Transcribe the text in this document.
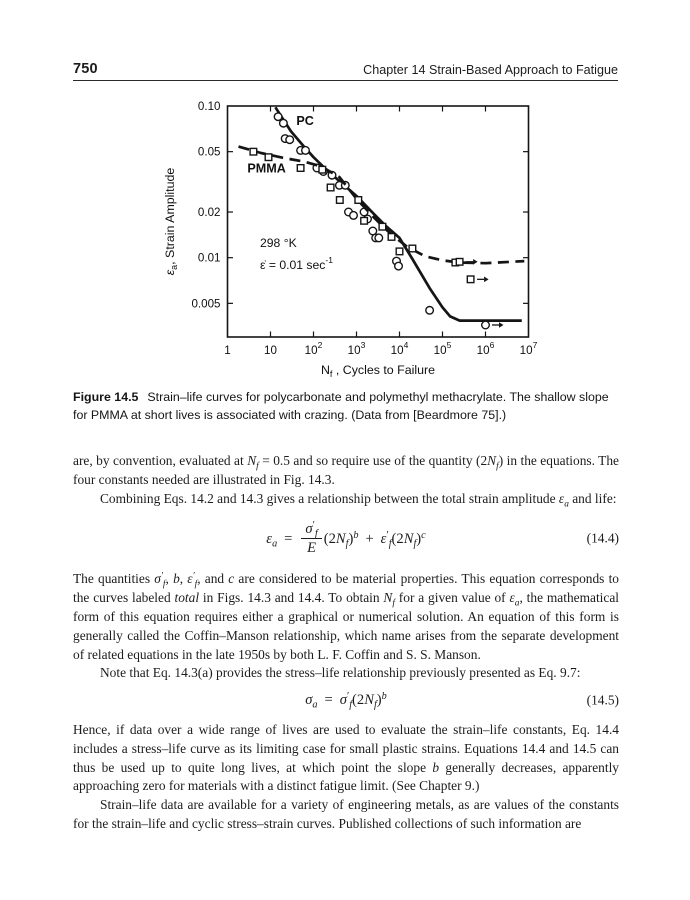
750	Chapter 14 Strain-Based Approach to Fatigue
0.10
0.05
0.02
0.01
0.005
1	10 $10^2$ $10^3$ $10^4$ $10^5$ $10^6$ $10^7$
PC
PMMA
298 °K
ε̇ = 0.01 $\sec^{-1}$
$N_f$ , Cycles to Failure
$\varepsilon_a$, Strain Amplitude
Figure 14.5 Strain–life curves for polycarbonate and polymethyl methacrylate. The shallow slope for PMMA at short lives is associated with crazing. (Data from [Beardmore 75].)

are, by convention, evaluated at $N_f = 0.5$ and so require use of the quantity $(2N_f)$ in the equations. The four constants needed are illustrated in Fig. 14.3.

Combining Eqs. 14.2 and 14.3 gives a relationship between the total strain amplitude $\varepsilon_a$ and life:

$\varepsilon_a = \frac{\sigma'_f}{E} (2N_f)^b + \varepsilon'_f(2N_f)^c$	(14.4)

The quantities $\sigma'_f$, b, $\varepsilon'_f$, and c are considered to be material properties. This equation corresponds to the curves labeled total in Figs. 14.3 and 14.4. To obtain $N_f$ for a given value of $\varepsilon_a$, the mathematical form of this equation requires either a graphical or numerical solution. An equation of this form is generally called the Coffin–Manson relationship, which name arises from the separate development of related equations in the late 1950s by both L. F. Coffin and S. S. Manson.

Note that Eq. 14.3(a) provides the stress–life relationship previously presented as Eq. 9.7:

$\sigma_a = \sigma'_f(2N_f)^b$	(14.5)

Hence, if data over a wide range of lives are used to evaluate the strain–life constants, Eq. 14.4 includes a stress–life curve as its limiting case for small plastic strains. Equations 14.4 and 14.5 can thus be used up to quite long lives, at which point the slope b generally decreases, apparently approaching zero for materials with a distinct fatigue limit. (See Chapter 9.)

Strain–life data are available for a variety of engineering metals, as are values of the constants for the strain–life and cyclic stress–strain curves. Published collections of such information are
